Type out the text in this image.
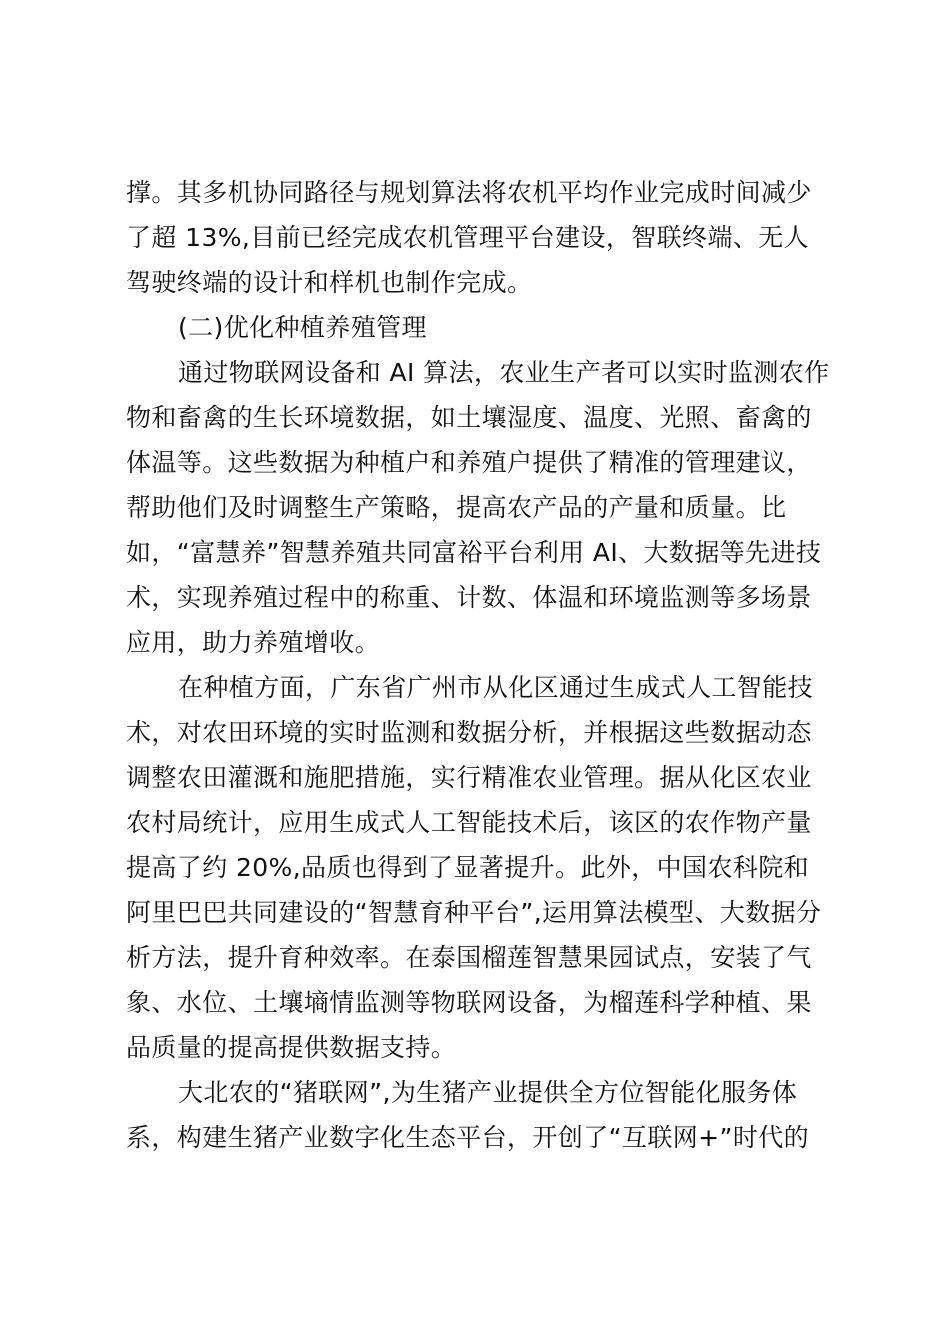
撑。其多机协同路径与规划算法将农机平均作业完成时间减少
了超 13%,目前已经完成农机管理平台建设，智联终端、无人
驾驶终端的设计和样机也制作完成。
(二)优化种植养殖管理
通过物联网设备和 AI 算法，农业生产者可以实时监测农作
物和畜禽的生长环境数据，如土壤湿度、温度、光照、畜禽的
体温等。这些数据为种植户和养殖户提供了精准的管理建议，
帮助他们及时调整生产策略，提高农产品的产量和质量。比
如，“富慧养”智慧养殖共同富裕平台利用 AI、大数据等先进技
术，实现养殖过程中的称重、计数、体温和环境监测等多场景
应用，助力养殖增收。
在种植方面，广东省广州市从化区通过生成式人工智能技
术，对农田环境的实时监测和数据分析，并根据这些数据动态
调整农田灌溉和施肥措施，实行精准农业管理。据从化区农业
农村局统计，应用生成式人工智能技术后，该区的农作物产量
提高了约 20%,品质也得到了显著提升。此外，中国农科院和
阿里巴巴共同建设的“智慧育种平台”,运用算法模型、大数据分
析方法，提升育种效率。在泰国榴莲智慧果园试点，安装了气
象、水位、土壤墒情监测等物联网设备，为榴莲科学种植、果
品质量的提高提供数据支持。
大北农的“猪联网”,为生猪产业提供全方位智能化服务体
系，构建生猪产业数字化生态平台，开创了“互联网+”时代的
